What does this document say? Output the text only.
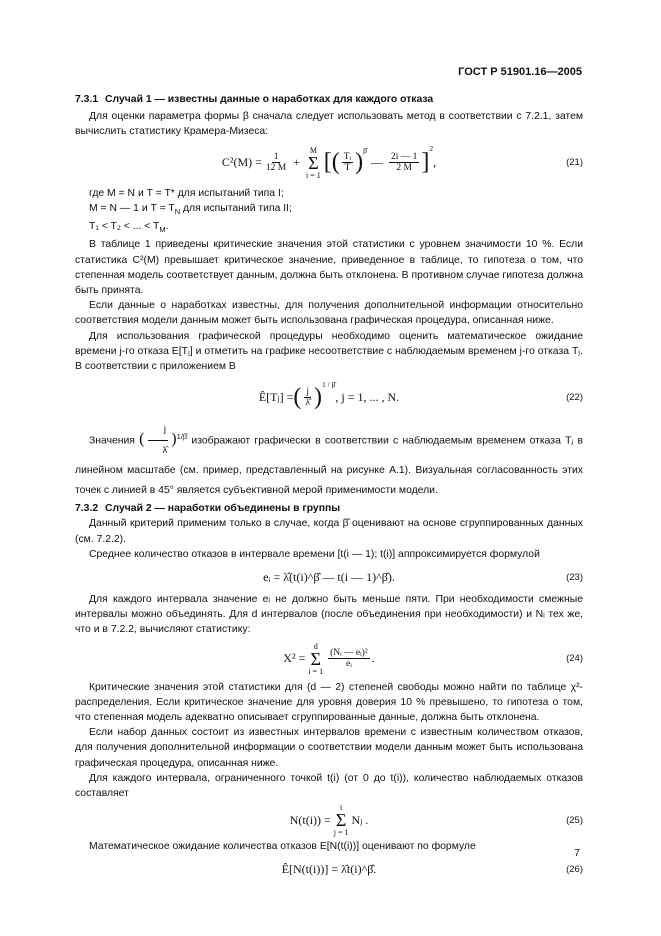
ГОСТ Р 51901.16—2005

7.3.1 Случай 1 — известны данные о наработках для каждого отказа

Для оценки параметра формы β сначала следует использовать метод в соответствии с 7.2.1, затем вычислить статистику Крамера-Мизеса:

$C^2(M) = \frac{1}{12 M}$ +
M
Σ
i = 1 [ ( $\frac{\text{Tᵢ}}{T} )^{\betâ}$
— $\frac{2i — 1}{2 M}$ ]
$^2$
,	(21)

где M = N и T = T* для испытаний типа I;

M = N — 1 и $T = T_N$ для испытаний типа II;

T₁ < T₂ < ... < $T_M$.

В таблице 1 приведены критические значения этой статистики с уровнем значимости 10 %. Если статистика C²(M) превышает критическое значение, приведенное в таблице, то гипотеза о том, что степенная модель соответствует данным, должна быть отклонена. В противном случае гипотеза должна быть принята.

Если данные о наработках известны, для получения дополнительной информации относительно соответствия модели данным может быть использована графическая процедура, описанная ниже.

Для использования графической процедуры необходимо оценить математическое ожидание времени j-го отказа E[Tⱼ] и отметить на графике несоответствие с наблюдаемым временем j-го отказа Tⱼ. В соответствии с приложением В

Ê[Tⱼ] = ( $\frac{j}{\lambdâ} )^{1 / \betâ}$
, j = 1, ... , N.	(22)

Значения ( $\frac{j}{\lambdâ} )^{1/\betâ}$ изображают графически в соответствии с наблюдаемым временем отказа Tⱼ в линейном масштабе (см. пример, представленный на рисунке А.1). Визуальная согласованность этих точек с линией в 45° является субъективной мерой применимости модели.

7.3.2 Случай 2 — наработки объединены в группы

Данный критерий применим только в случае, когда β̂ оценивают на основе сгруппированных данных (см. 7.2.2).

Среднее количество отказов в интервале времени [t(i — 1); t(i)] аппроксимируется формулой

eᵢ = λ̂(t(i)^β̂ — t(i — 1)^β̂).	(23)

Для каждого интервала значение eᵢ не должно быть меньше пяти. При необходимости смежные интервалы можно объединять. Для d интервалов (после объединения при необходимости) и Nᵢ тех же, что и в 7.2.2, вычисляют статистику:

X² =
d
Σ
i = 1
$\frac{\text{(Nᵢ — eᵢ)²}}{\text{eᵢ}}$ .	(24)

Критические значения этой статистики для (d — 2) степеней свободы можно найти по таблице χ²- распределения. Если критическое значение для уровня доверия 10 % превышено, то гипотеза о том, что степенная модель адекватно описывает сгруппированные данные, должна быть отклонена.

Если набор данных состоит из известных интервалов времени с известным количеством отказов, для получения дополнительной информации о соответствии модели данным может быть использована графическая процедура, описанная ниже.

Для каждого интервала, ограниченного точкой t(i) (от 0 до t(i)), количество наблюдаемых отказов составляет

N(t(i)) =
i
Σ
j = 1
Nⱼ .	(25)

Математическое ожидание количества отказов E[N(t(i))] оценивают по формуле

Ê[N(t(i))] = λ̂t(i)^β̂.	(26)
7
